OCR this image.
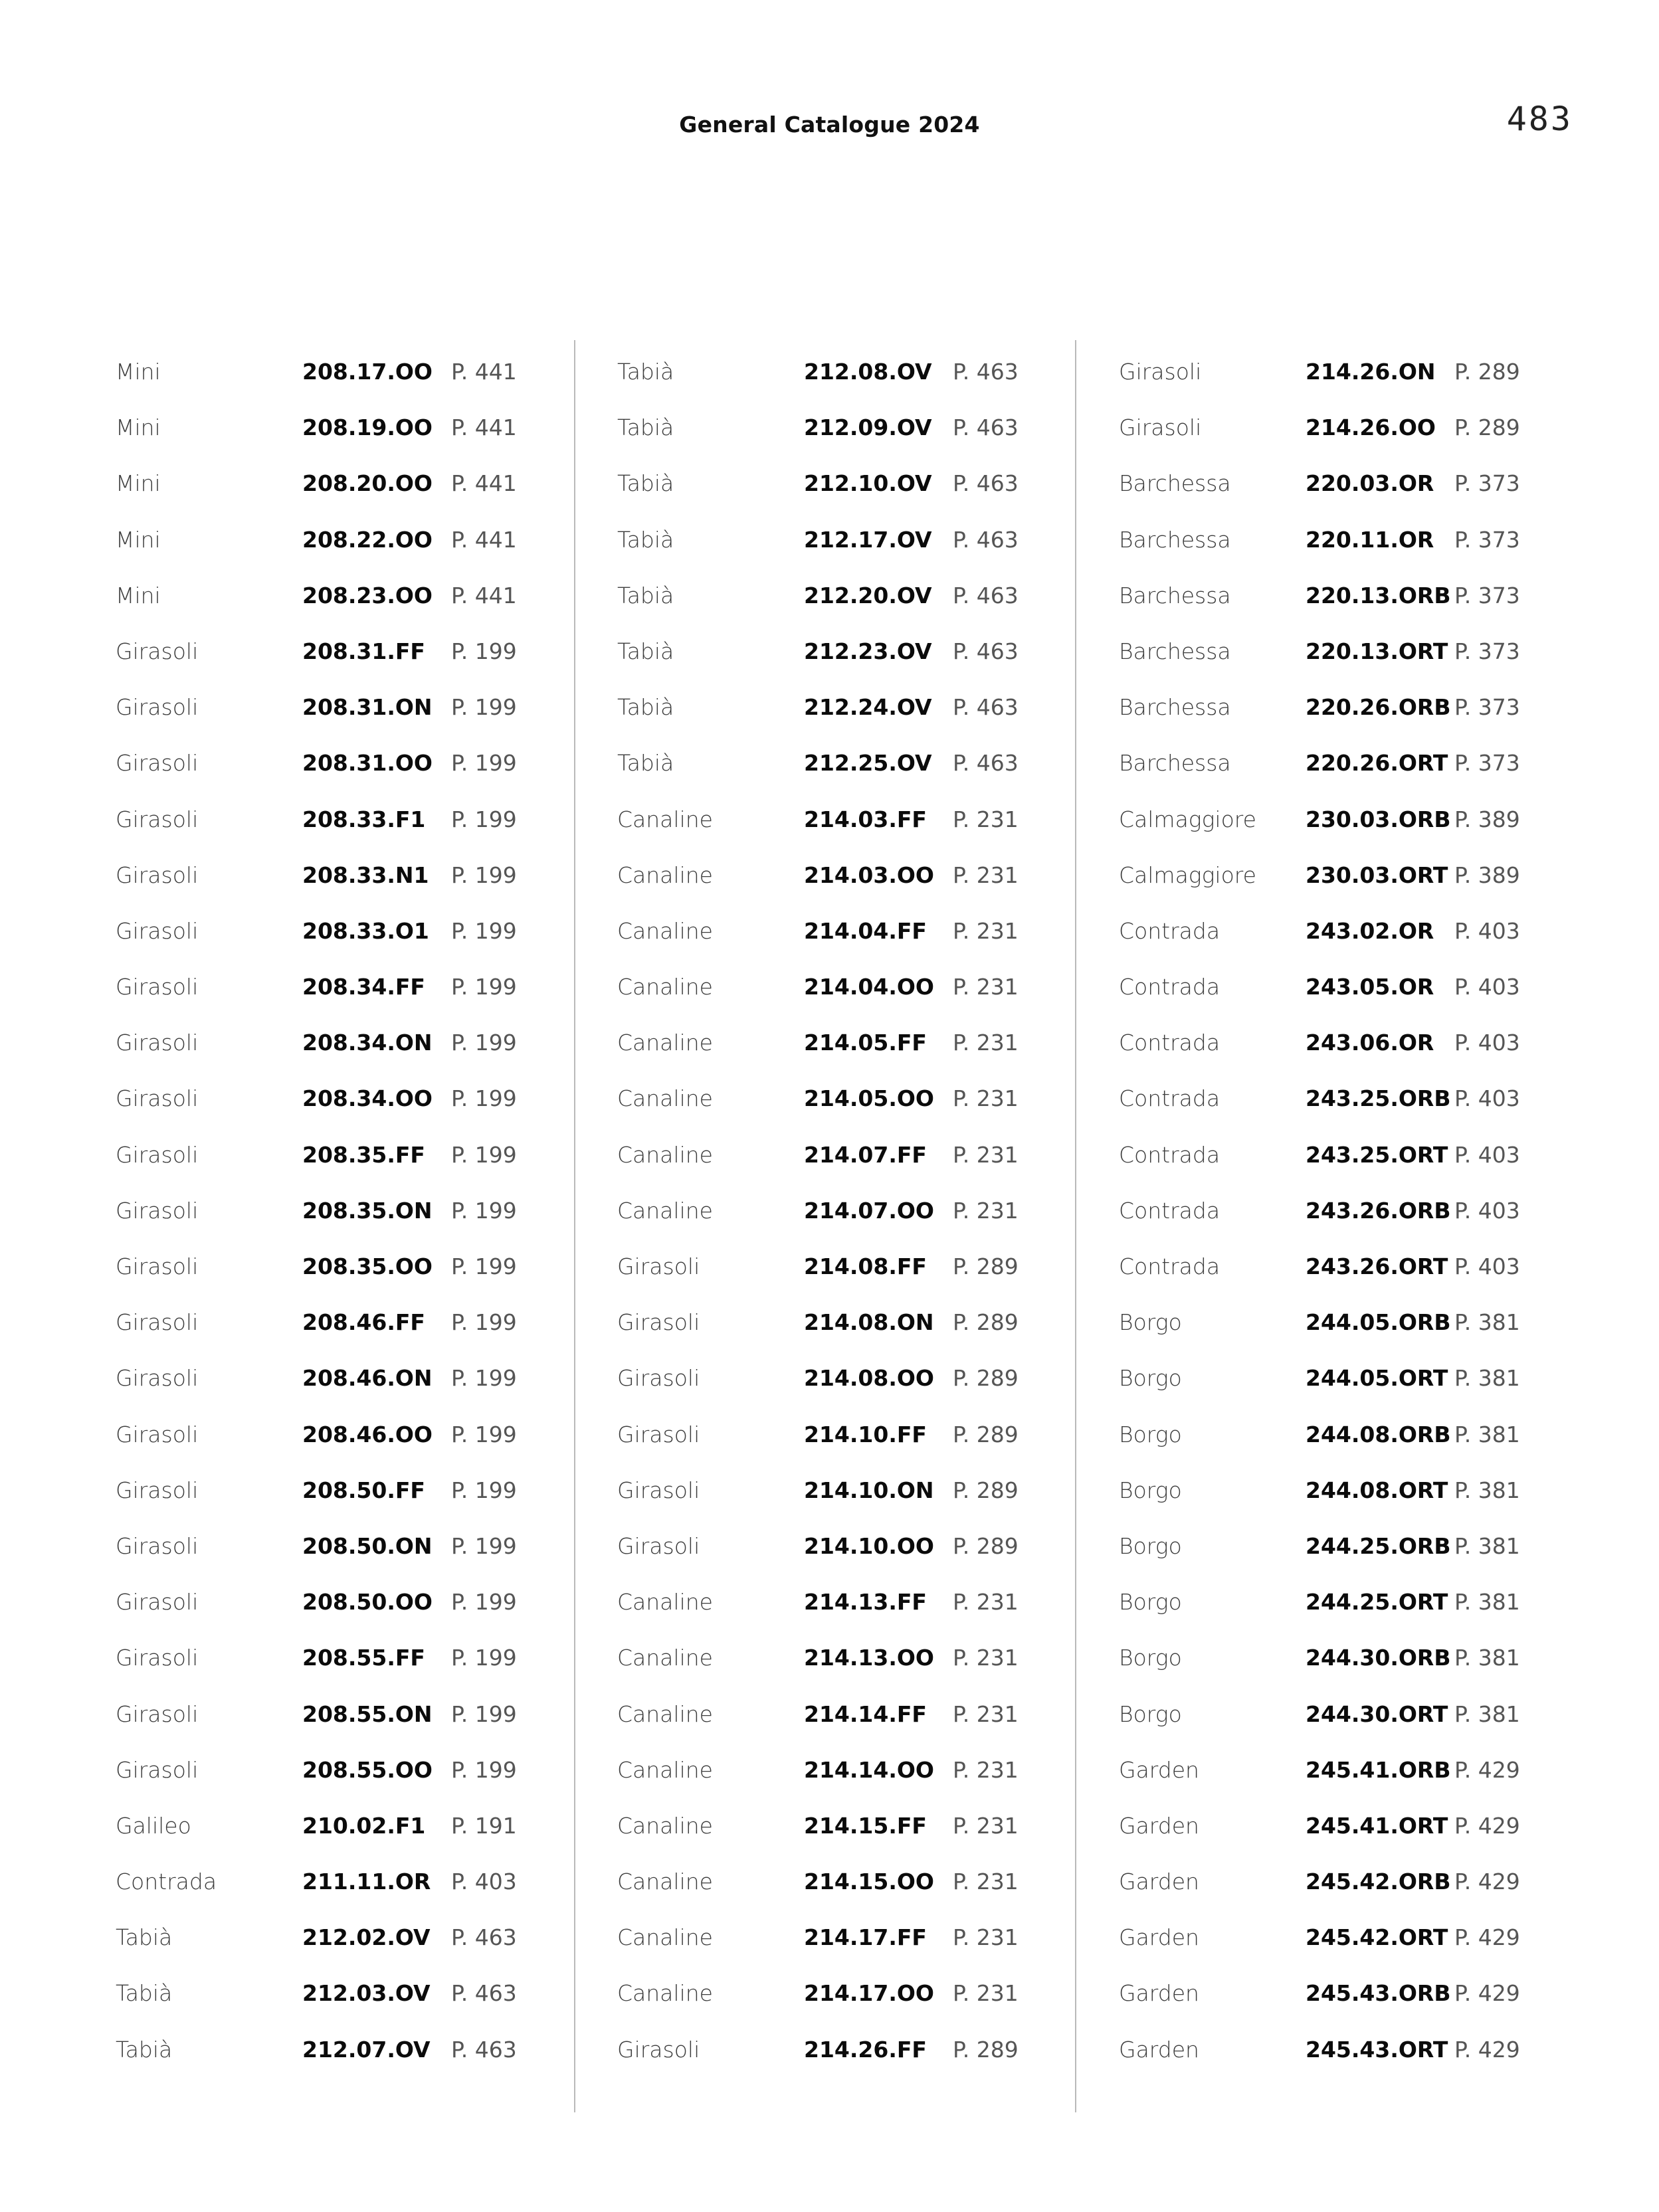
General Catalogue 2024	483
Mini	208.17.OO P. 441
Mini	208.19.OO P. 441
Mini	208.20.OO P. 441
Mini	208.22.OO P. 441
Mini	208.23.OO P. 441
Girasoli	208.31.FF P. 199
Girasoli	208.31.ON P. 199
Girasoli	208.31.OO P. 199
Girasoli	208.33.F1 P. 199
Girasoli	208.33.N1 P. 199
Girasoli	208.33.O1 P. 199
Girasoli	208.34.FF P. 199
Girasoli	208.34.ON P. 199
Girasoli	208.34.OO P. 199
Girasoli	208.35.FF P. 199
Girasoli	208.35.ON P. 199
Girasoli	208.35.OO P. 199
Girasoli	208.46.FF P. 199
Girasoli	208.46.ON P. 199
Girasoli	208.46.OO P. 199
Girasoli	208.50.FF P. 199
Girasoli	208.50.ON P. 199
Girasoli	208.50.OO P. 199
Girasoli	208.55.FF P. 199
Girasoli	208.55.ON P. 199
Girasoli	208.55.OO P. 199
Galileo	210.02.F1 P. 191
Contrada	211.11.OR P. 403
Tabià	212.02.OV P. 463
Tabià	212.03.OV P. 463
Tabià	212.07.OV P. 463
Tabià	212.08.OV P. 463
Tabià	212.09.OV P. 463
Tabià	212.10.OV P. 463
Tabià	212.17.OV P. 463
Tabià	212.20.OV P. 463
Tabià	212.23.OV P. 463
Tabià	212.24.OV P. 463
Tabià	212.25.OV P. 463
Canaline	214.03.FF P. 231
Canaline	214.03.OO P. 231
Canaline	214.04.FF P. 231
Canaline	214.04.OO P. 231
Canaline	214.05.FF P. 231
Canaline	214.05.OO P. 231
Canaline	214.07.FF P. 231
Canaline	214.07.OO P. 231
Girasoli	214.08.FF P. 289
Girasoli	214.08.ON P. 289
Girasoli	214.08.OO P. 289
Girasoli	214.10.FF P. 289
Girasoli	214.10.ON P. 289
Girasoli	214.10.OO P. 289
Canaline	214.13.FF P. 231
Canaline	214.13.OO P. 231
Canaline	214.14.FF P. 231
Canaline	214.14.OO P. 231
Canaline	214.15.FF P. 231
Canaline	214.15.OO P. 231
Canaline	214.17.FF P. 231
Canaline	214.17.OO P. 231
Girasoli	214.26.FF P. 289
Girasoli	214.26.ON P. 289
Girasoli	214.26.OO P. 289
Barchessa	220.03.OR P. 373
Barchessa	220.11.OR P. 373
Barchessa	220.13.ORB P. 373
Barchessa	220.13.ORT P. 373
Barchessa	220.26.ORB P. 373
Barchessa	220.26.ORT P. 373
Calmaggiore 230.03.ORB P. 389
Calmaggiore 230.03.ORT P. 389
Contrada	243.02.OR P. 403
Contrada	243.05.OR P. 403
Contrada	243.06.OR P. 403
Contrada	243.25.ORB P. 403
Contrada	243.25.ORT P. 403
Contrada	243.26.ORB P. 403
Contrada	243.26.ORT P. 403
Borgo	244.05.ORB P. 381
Borgo	244.05.ORT P. 381
Borgo	244.08.ORB P. 381
Borgo	244.08.ORT P. 381
Borgo	244.25.ORB P. 381
Borgo	244.25.ORT P. 381
Borgo	244.30.ORB P. 381
Borgo	244.30.ORT P. 381
Garden	245.41.ORB P. 429
Garden	245.41.ORT P. 429
Garden	245.42.ORB P. 429
Garden	245.42.ORT P. 429
Garden	245.43.ORB P. 429
Garden	245.43.ORT P. 429
